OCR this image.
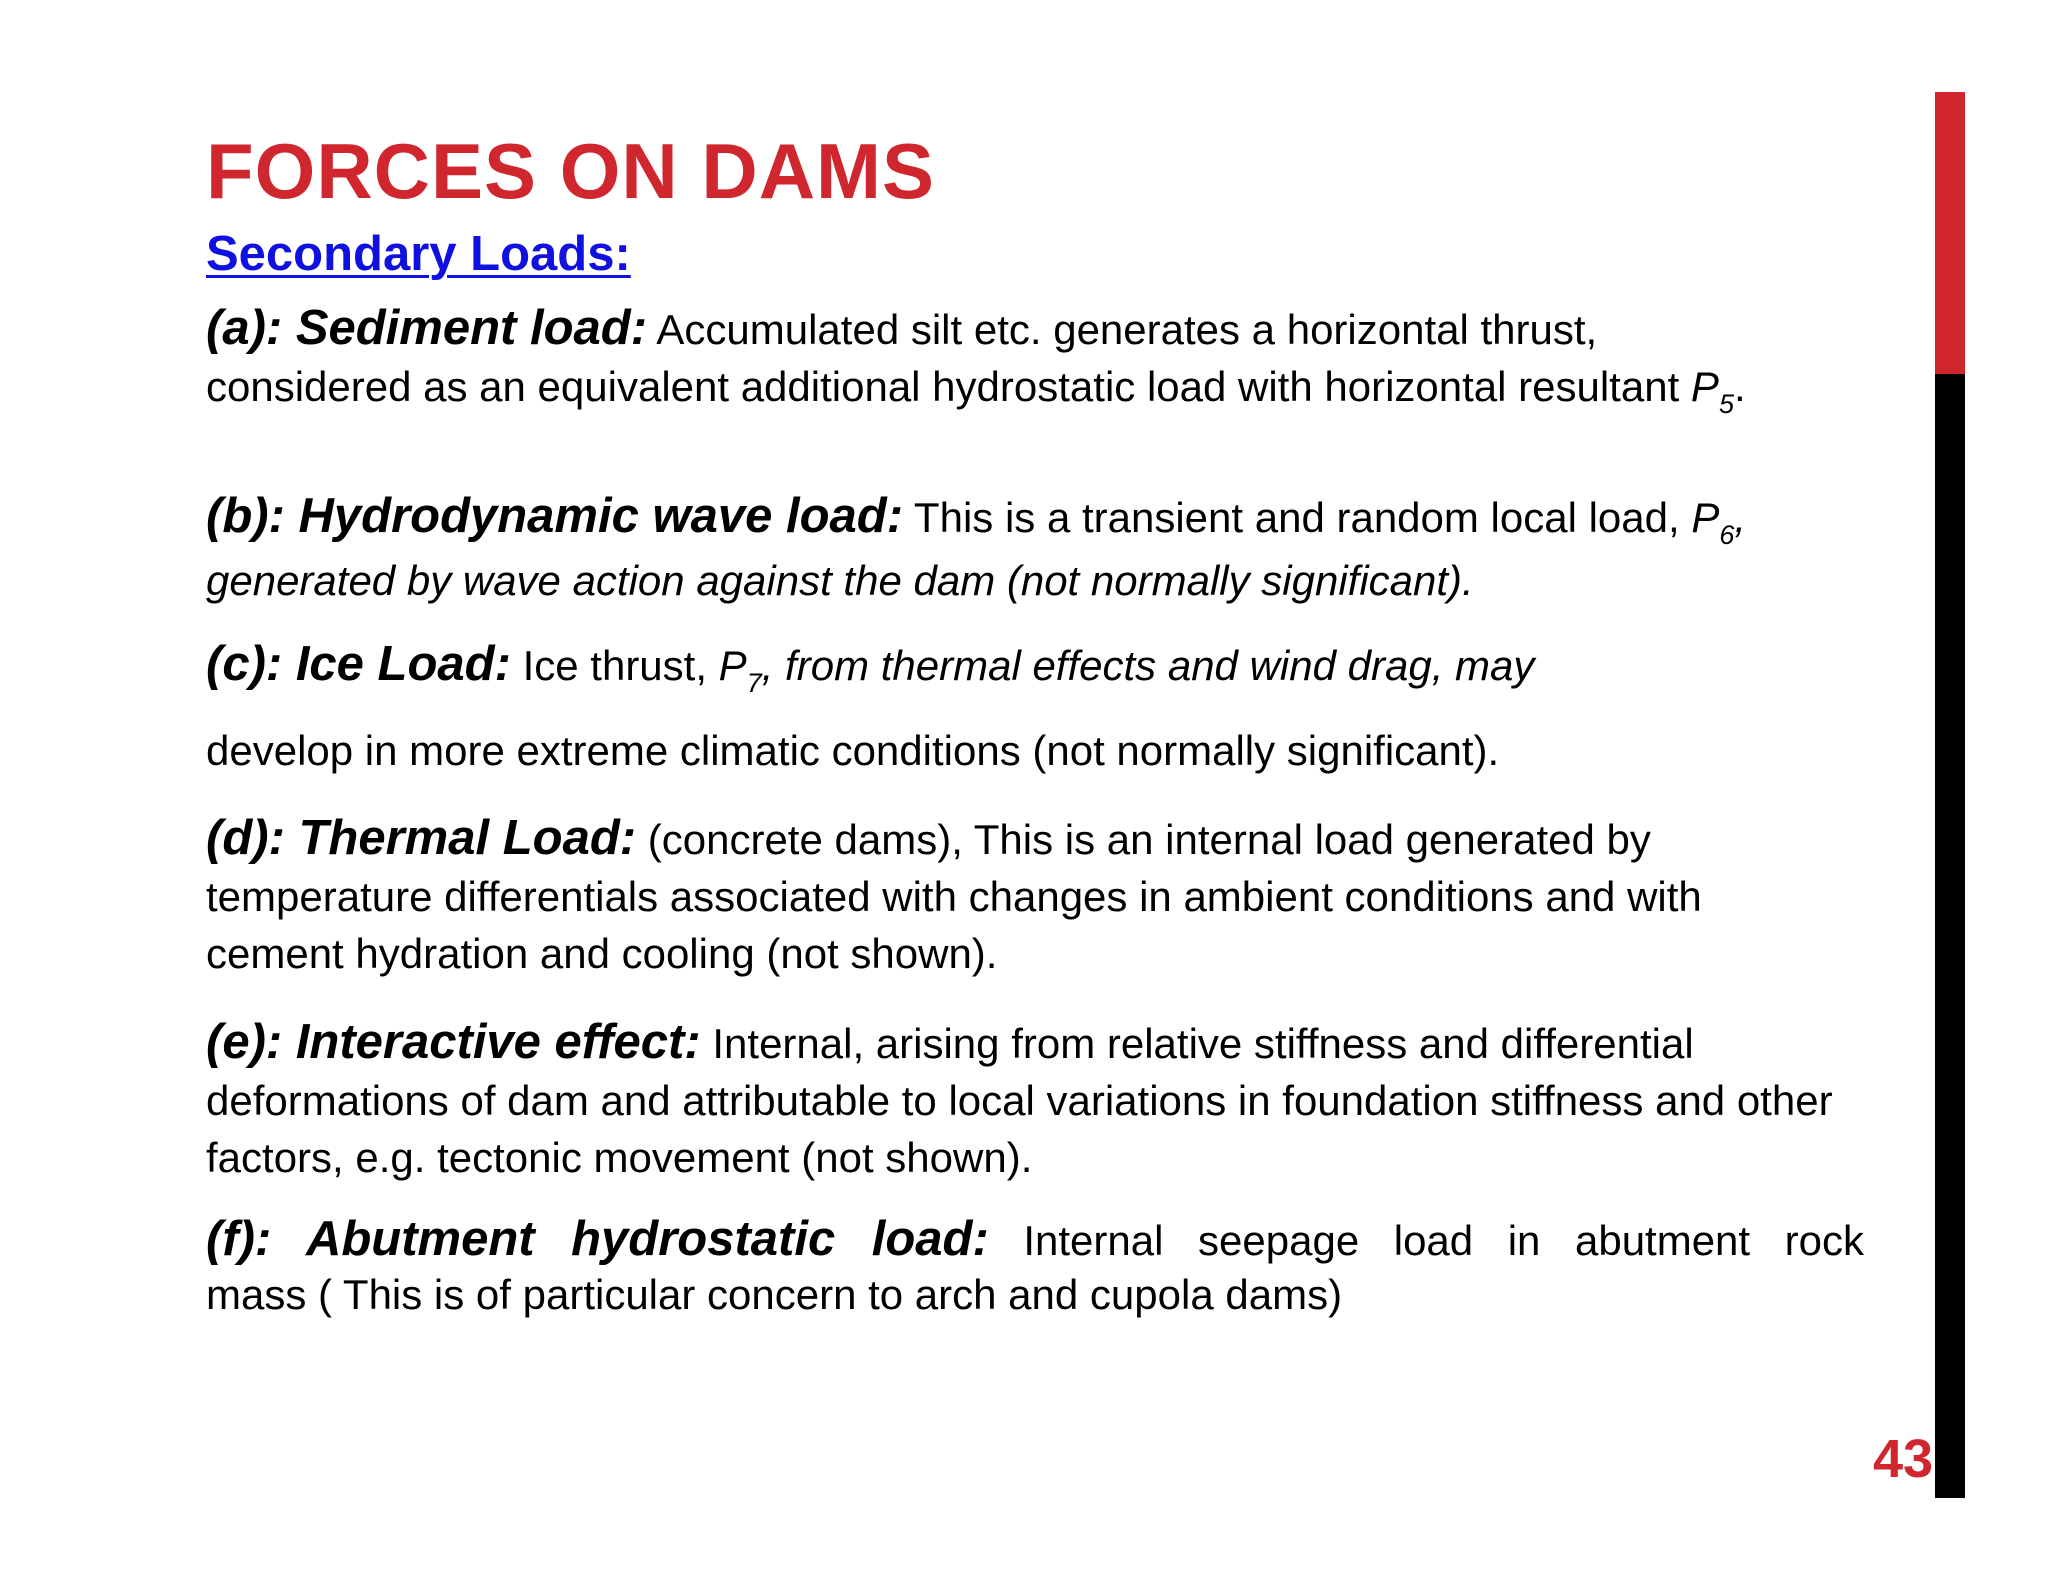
FORCES ON DAMS
Secondary Loads:

(a): Sediment load: Accumulated silt etc. generates a horizontal thrust, considered as an equivalent additional hydrostatic load with horizontal resultant $P_5$.

(b): Hydrodynamic wave load: This is a transient and random local load, $P_6$, generated by wave action against the dam (not normally significant).

(c): Ice Load: Ice thrust, $P_7$, from thermal effects and wind drag, may

develop in more extreme climatic conditions (not normally significant).

(d): Thermal Load: (concrete dams), This is an internal load generated by temperature differentials associated with changes in ambient conditions and with cement hydration and cooling (not shown).

(e): Interactive effect: Internal, arising from relative stiffness and differential deformations of dam and attributable to local variations in foundation stiffness and other factors, e.g. tectonic movement (not shown).

(f): Abutment hydrostatic load: Internal seepage load in abutment rock
mass ( This is of particular concern to arch and cupola dams)
43
